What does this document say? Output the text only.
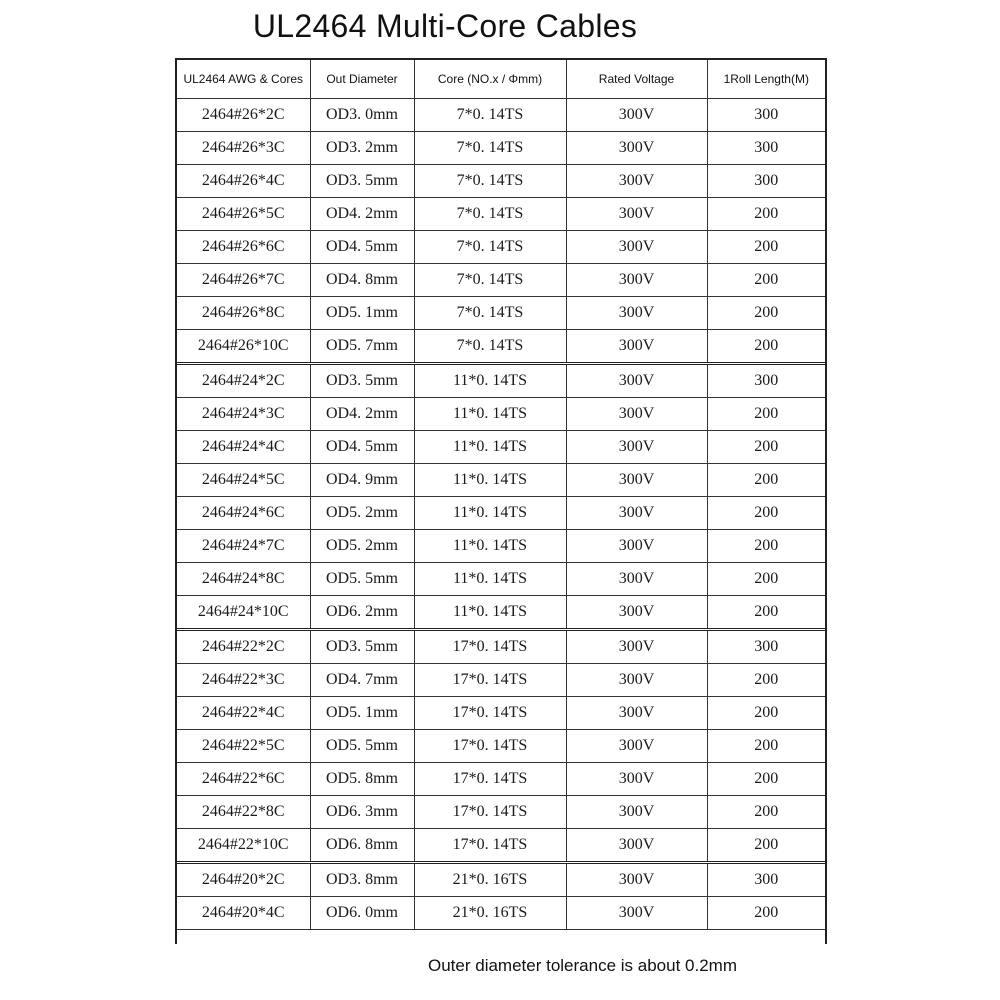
UL2464 Multi-Core Cables
UL2464 AWG & Cores	Out Diameter	Core (NO.x / Φmm)	Rated Voltage	1Roll Length(M)
2464#26*2C	OD3. 0mm	7*0. 14TS	300V	300
2464#26*3C	OD3. 2mm	7*0. 14TS	300V	300
2464#26*4C	OD3. 5mm	7*0. 14TS	300V	300
2464#26*5C	OD4. 2mm	7*0. 14TS	300V	200
2464#26*6C	OD4. 5mm	7*0. 14TS	300V	200
2464#26*7C	OD4. 8mm	7*0. 14TS	300V	200
2464#26*8C	OD5. 1mm	7*0. 14TS	300V	200
2464#26*10C	OD5. 7mm	7*0. 14TS	300V	200
2464#24*2C	OD3. 5mm	11*0. 14TS	300V	300
2464#24*3C	OD4. 2mm	11*0. 14TS	300V	200
2464#24*4C	OD4. 5mm	11*0. 14TS	300V	200
2464#24*5C	OD4. 9mm	11*0. 14TS	300V	200
2464#24*6C	OD5. 2mm	11*0. 14TS	300V	200
2464#24*7C	OD5. 2mm	11*0. 14TS	300V	200
2464#24*8C	OD5. 5mm	11*0. 14TS	300V	200
2464#24*10C	OD6. 2mm	11*0. 14TS	300V	200
2464#22*2C	OD3. 5mm	17*0. 14TS	300V	300
2464#22*3C	OD4. 7mm	17*0. 14TS	300V	200
2464#22*4C	OD5. 1mm	17*0. 14TS	300V	200
2464#22*5C	OD5. 5mm	17*0. 14TS	300V	200
2464#22*6C	OD5. 8mm	17*0. 14TS	300V	200
2464#22*8C	OD6. 3mm	17*0. 14TS	300V	200
2464#22*10C	OD6. 8mm	17*0. 14TS	300V	200
2464#20*2C	OD3. 8mm	21*0. 16TS	300V	300
2464#20*4C	OD6. 0mm	21*0. 16TS	300V	200
Outer diameter tolerance is about 0.2mm
